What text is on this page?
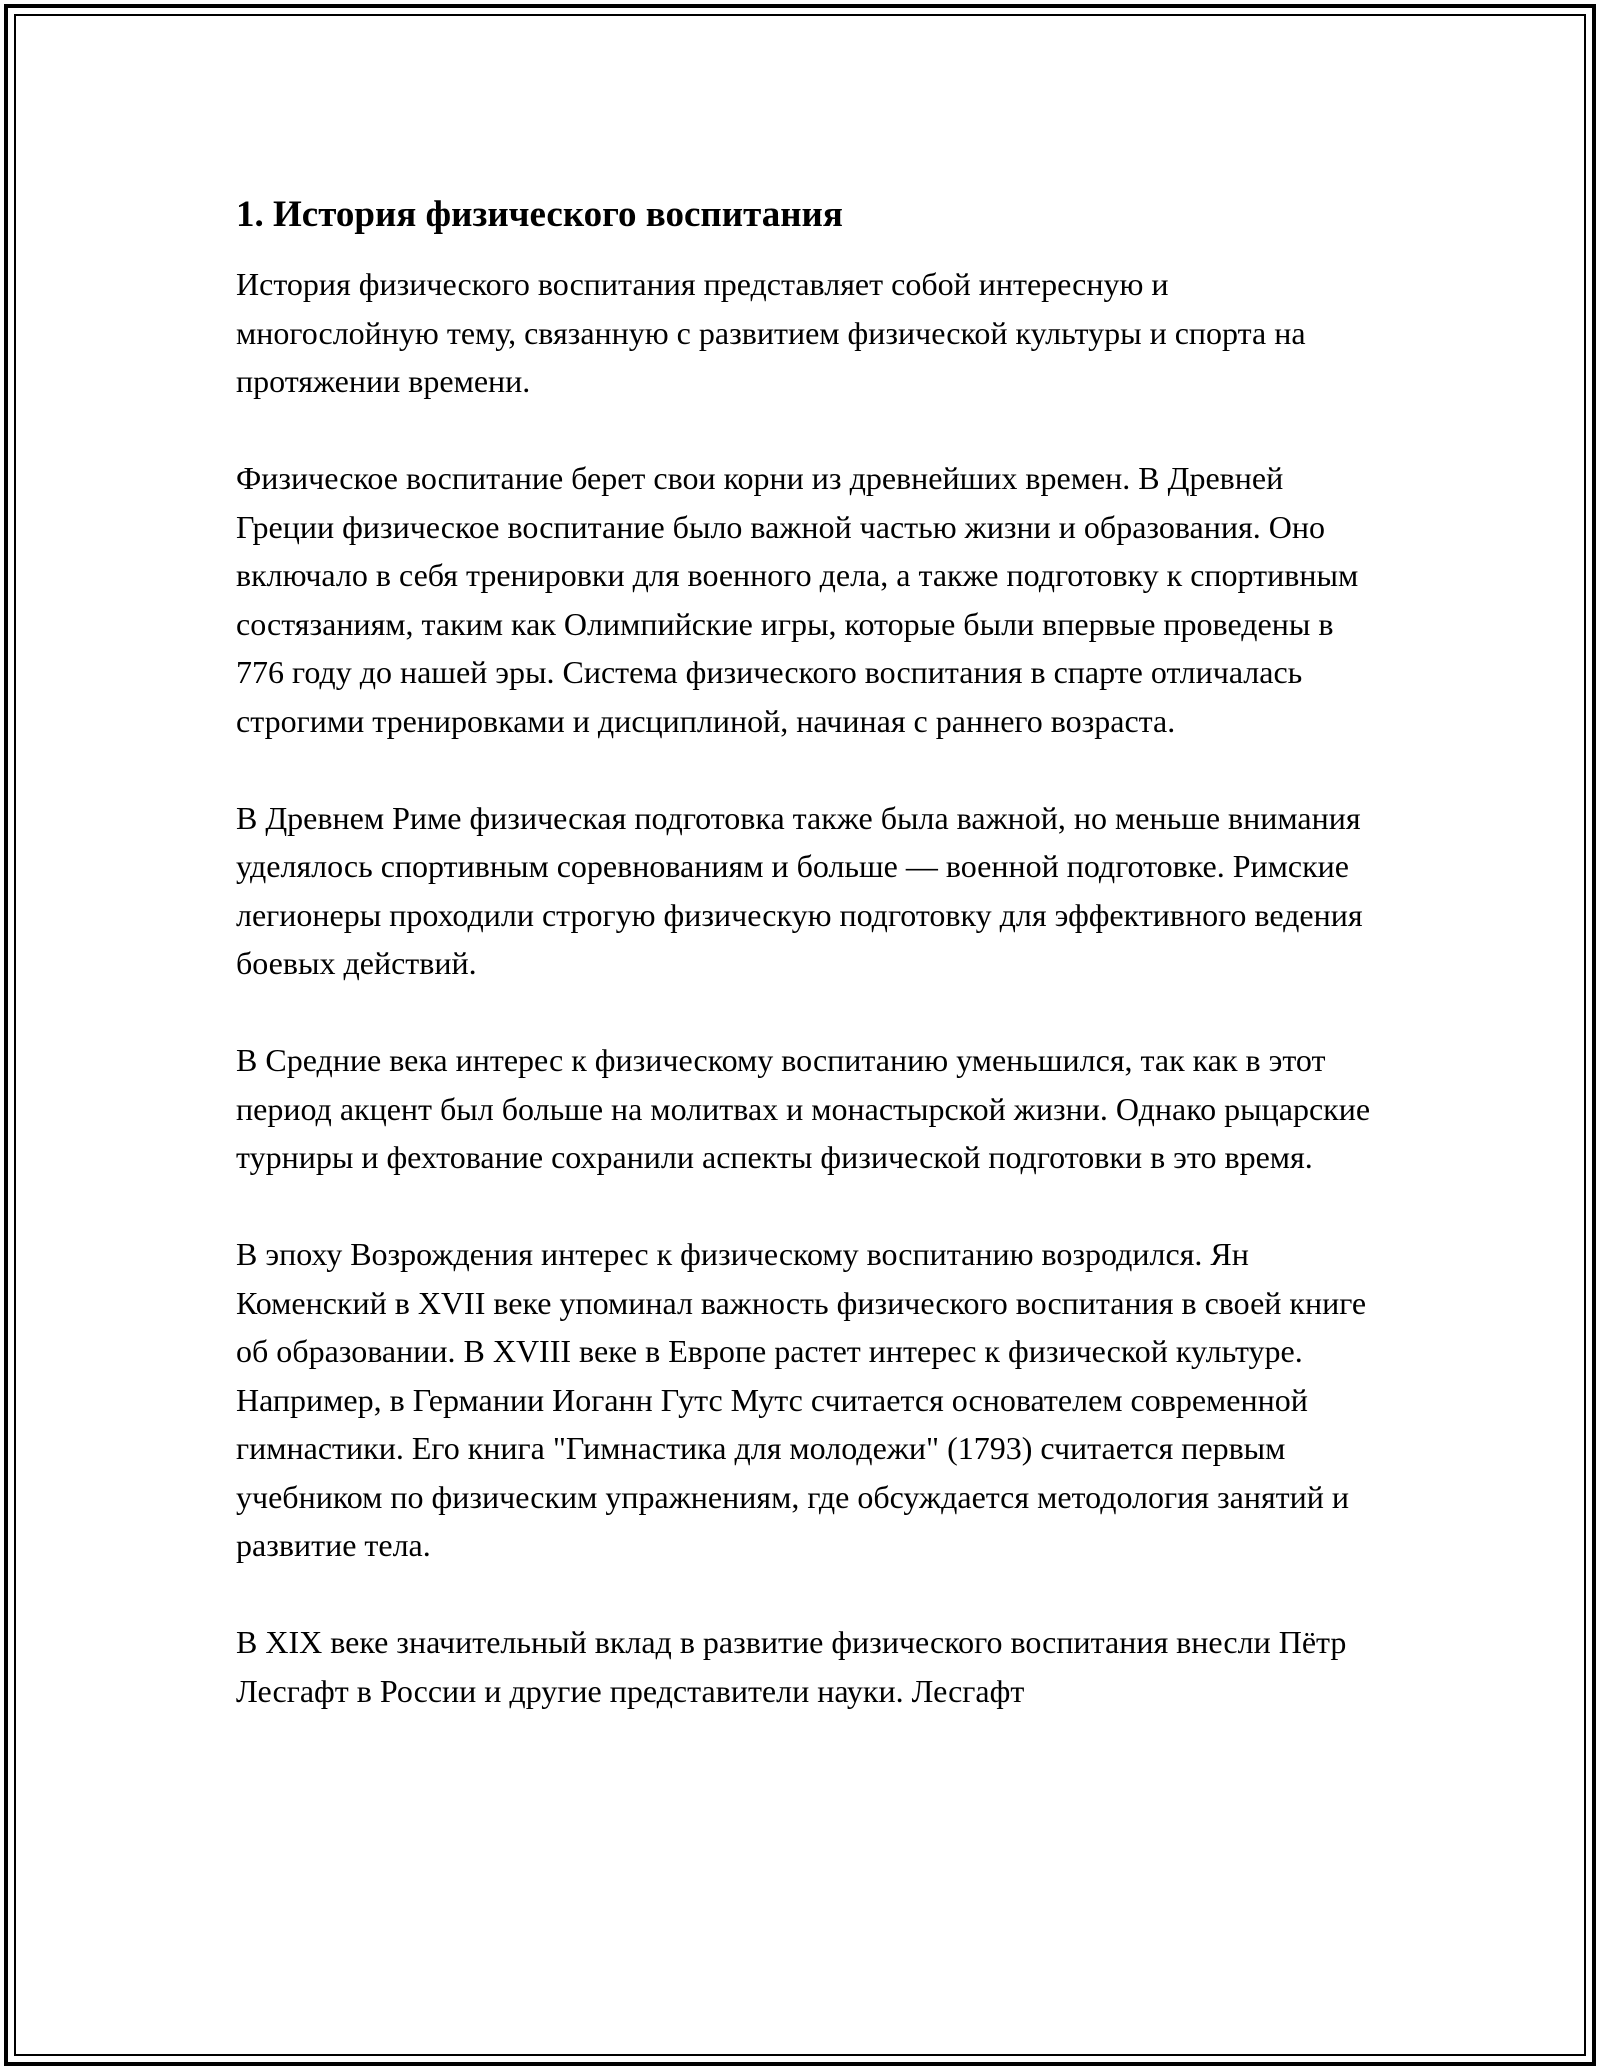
1. История физического воспитания

История физического воспитания представляет собой интересную и многослойную тему, связанную с развитием физической культуры и спорта на протяжении времени.

Физическое воспитание берет свои корни из древнейших времен. В Древней Греции физическое воспитание было важной частью жизни и образования. Оно включало в себя тренировки для военного дела, а также подготовку к спортивным состязаниям, таким как Олимпийские игры, которые были впервые проведены в 776 году до нашей эры. Система физического воспитания в спарте отличалась строгими тренировками и дисциплиной, начиная с раннего возраста.

В Древнем Риме физическая подготовка также была важной, но меньше внимания уделялось спортивным соревнованиям и больше — военной подготовке. Римские легионеры проходили строгую физическую подготовку для эффективного ведения боевых действий.

В Средние века интерес к физическому воспитанию уменьшился, так как в этот период акцент был больше на молитвах и монастырской жизни. Однако рыцарские турниры и фехтование сохранили аспекты физической подготовки в это время.

В эпоху Возрождения интерес к физическому воспитанию возродился. Ян Коменский в XVII веке упоминал важность физического воспитания в своей книге об образовании. В XVIII веке в Европе растет интерес к физической культуре. Например, в Германии Иоганн Гутс Мутс считается основателем современной гимнастики. Его книга "Гимнастика для молодежи" (1793) считается первым учебником по физическим упражнениям, где обсуждается методология занятий и развитие тела.

В XIX веке значительный вклад в развитие физического воспитания внесли Пётр Лесгафт в России и другие представители науки. Лесгафт
